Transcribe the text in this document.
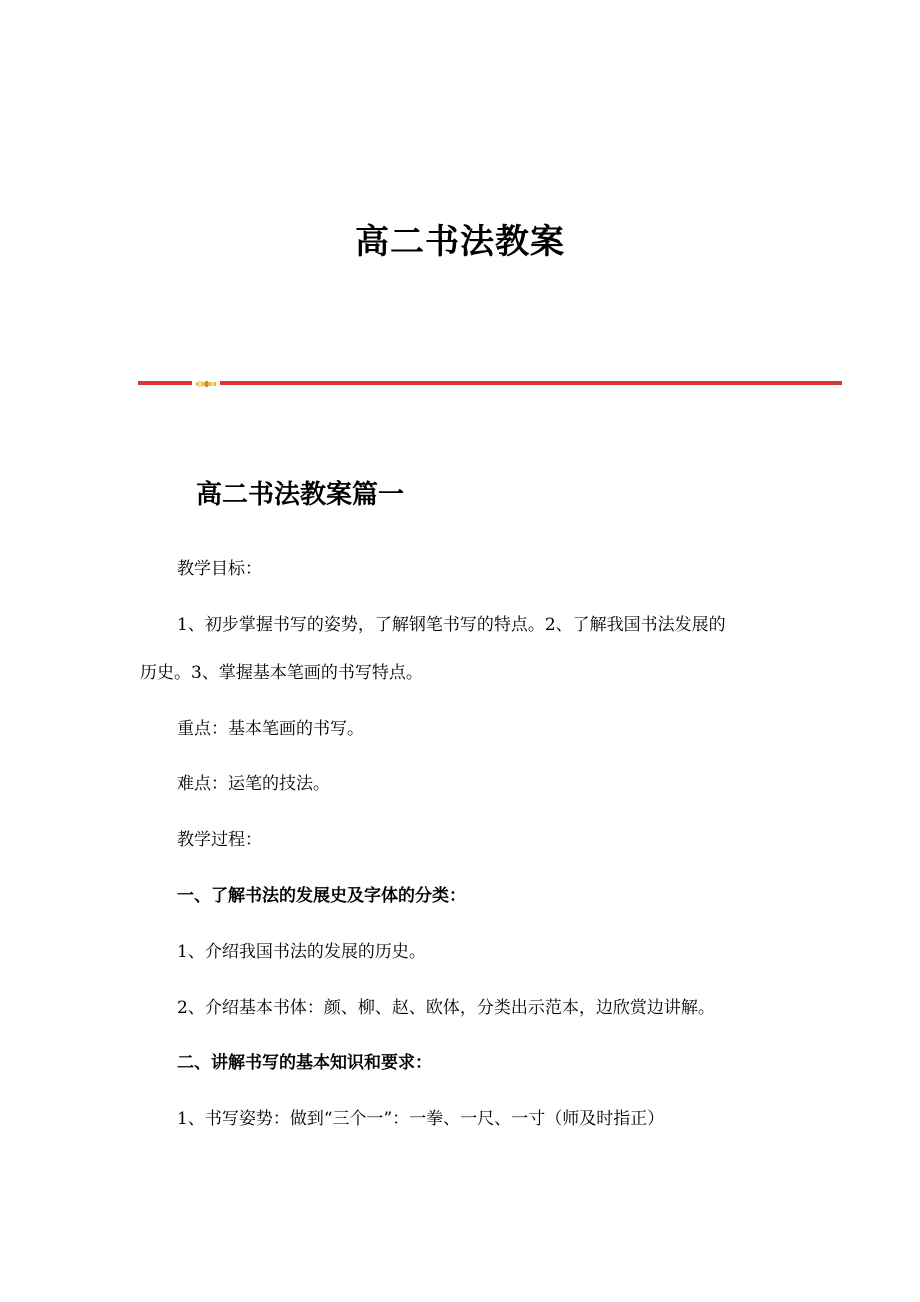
高二书法教案
高二书法教案篇一

教学目标：

1、初步掌握书写的姿势，了解钢笔书写的特点。2、了解我国书法发展的

历史。3、掌握基本笔画的书写特点。

重点：基本笔画的书写。

难点：运笔的技法。

教学过程：

一、了解书法的发展史及字体的分类：

1、介绍我国书法的发展的历史。

2、介绍基本书体：颜、柳、赵、欧体，分类出示范本，边欣赏边讲解。

二、讲解书写的基本知识和要求：

1、书写姿势：做到“三个一”：一拳、一尺、一寸（师及时指正）
